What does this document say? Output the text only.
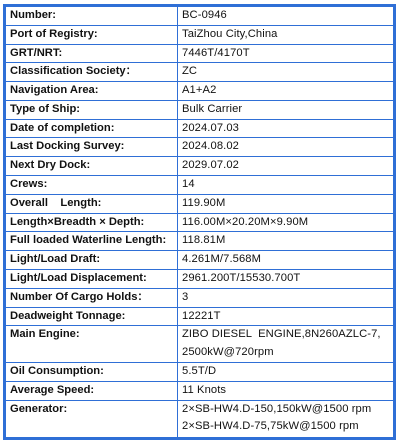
Number:	BC-0946
Port of Registry:	TaiZhou City,China
GRT/NRT:	7446T/4170T
Classification Society：	ZC
Navigation Area:	A1+A2
Type of Ship:	Bulk Carrier
Date of completion:	2024.07.03
Last Docking Survey:	2024.08.02
Next Dry Dock:	2029.07.02
Crews:	14
Overall    Length:	119.90M
Length×Breadth × Depth:	116.00M×20.20M×9.90M
Full loaded Waterline Length:	118.81M
Light/Load Draft:	4.261M/7.568M
Light/Load Displacement:	2961.200T/15530.700T
Number Of Cargo Holds：	3
Deadweight Tonnage:	12221T
Main Engine:	ZIBO DIESEL  ENGINE,8N260AZLC-7,
2500kW@720rpm

Oil Consumption:	5.5T/D
Average Speed:	11 Knots
Generator:	2×SB-HW4.D-150,150kW@1500 rpm
2×SB-HW4.D-75,75kW@1500 rpm
